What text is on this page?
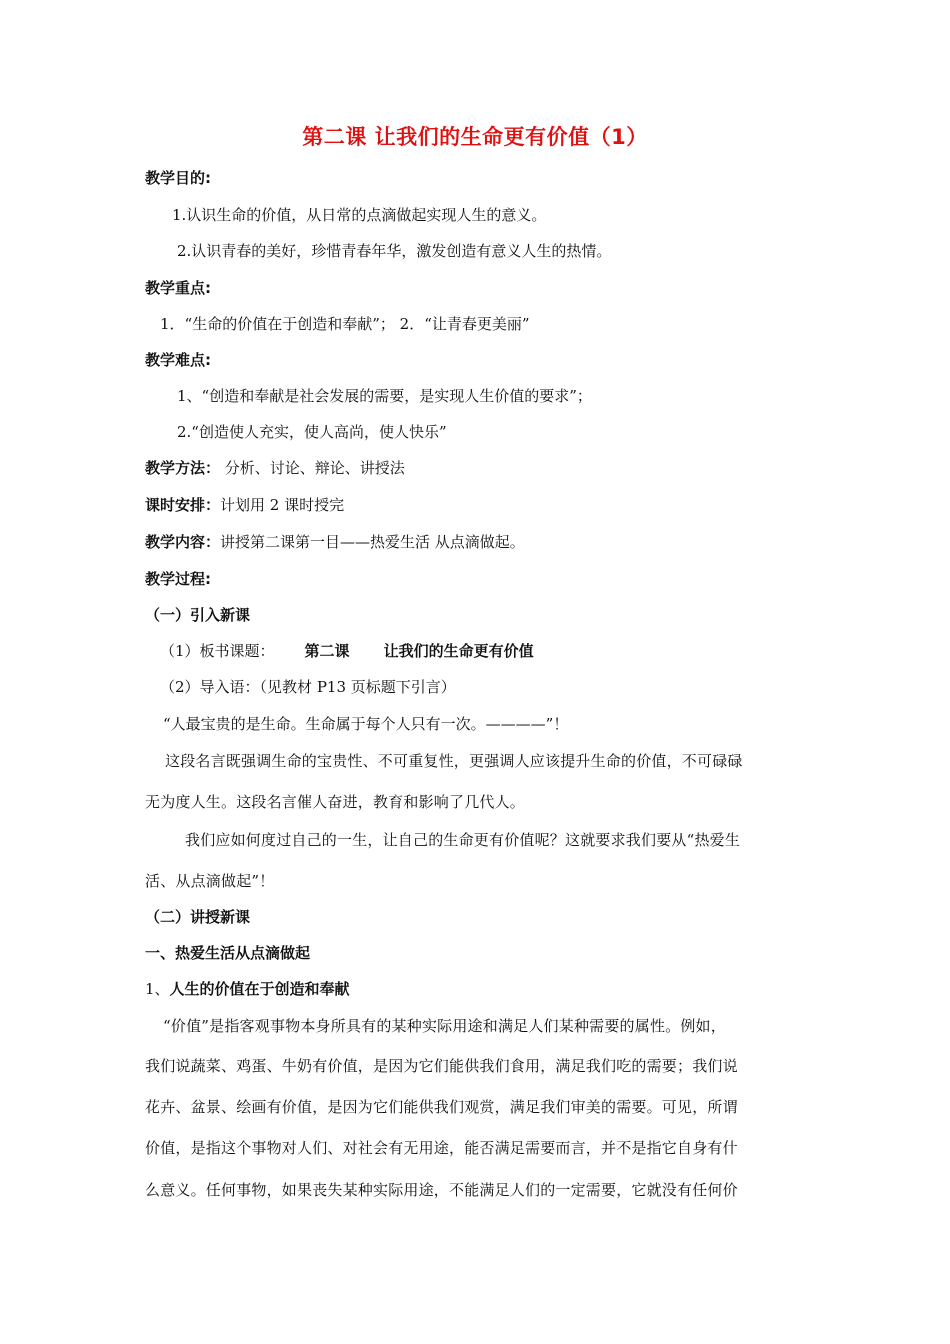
第二课 让我们的生命更有价值（1）
教学目的:
1.认识生命的价值，从日常的点滴做起实现人生的意义。
2.认识青春的美好，珍惜青春年华，激发创造有意义人生的热情。
教学重点:
1．“生命的价值在于创造和奉献”； 2．“让青春更美丽”
教学难点:
1、“创造和奉献是社会发展的需要，是实现人生价值的要求”；
2.“创造使人充实，使人高尚，使人快乐”
教学方法： 分析、讨论、辩论、讲授法
课时安排：计划用 2 课时授完
教学内容：讲授第二课第一目——热爱生活 从点滴做起。
教学过程:
（一）引入新课
（1）板书课题： 第二课 让我们的生命更有价值
（2）导入语：（见教材 P13 页标题下引言）
“人最宝贵的是生命。生命属于每个人只有一次。————”！
这段名言既强调生命的宝贵性、不可重复性，更强调人应该提升生命的价值，不可碌碌
无为度人生。这段名言催人奋进，教育和影响了几代人。
我们应如何度过自己的一生，让自己的生命更有价值呢？这就要求我们要从“热爱生
活、从点滴做起”！
（二）讲授新课
一、热爱生活从点滴做起
1、人生的价值在于创造和奉献
“价值”是指客观事物本身所具有的某种实际用途和满足人们某种需要的属性。例如，
我们说蔬菜、鸡蛋、牛奶有价值，是因为它们能供我们食用，满足我们吃的需要；我们说
花卉、盆景、绘画有价值，是因为它们能供我们观赏，满足我们审美的需要。可见，所谓
价值，是指这个事物对人们、对社会有无用途，能否满足需要而言，并不是指它自身有什
么意义。任何事物，如果丧失某种实际用途，不能满足人们的一定需要，它就没有任何价
